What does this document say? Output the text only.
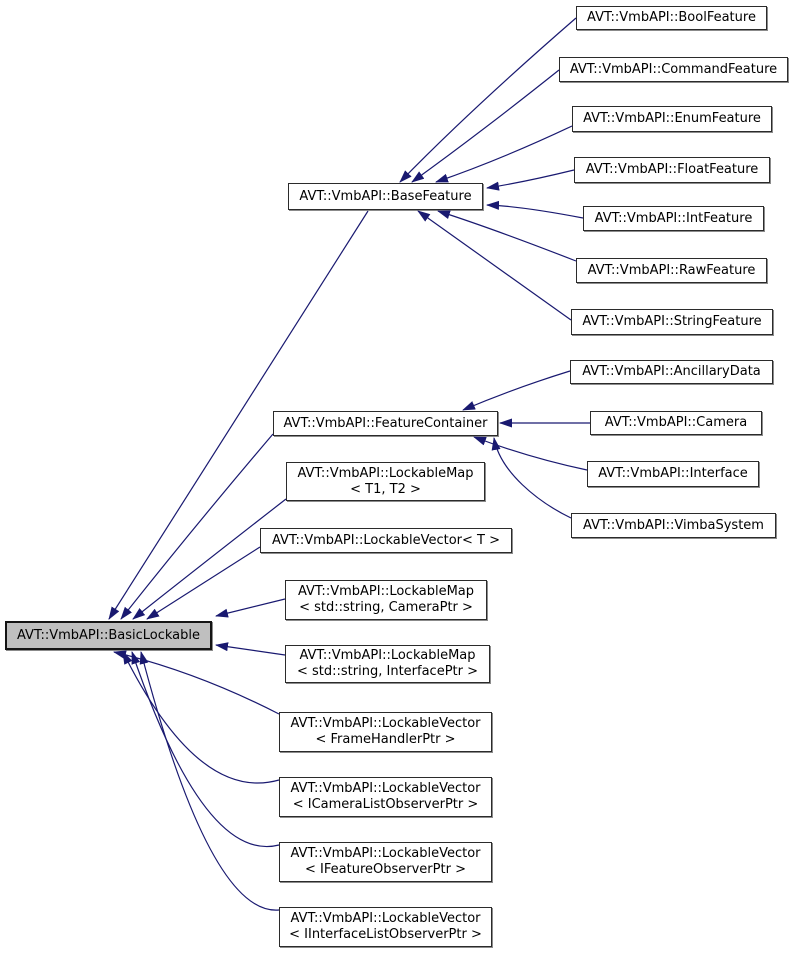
AVT::VmbAPI::BasicLockable
AVT::VmbAPI::BaseFeature
AVT::VmbAPI::FeatureContainer
AVT::VmbAPI::LockableMap
< T1, T2 >
AVT::VmbAPI::LockableVector< T >
AVT::VmbAPI::LockableMap
< std::string, CameraPtr >
AVT::VmbAPI::LockableMap
< std::string, InterfacePtr >
AVT::VmbAPI::LockableVector
< FrameHandlerPtr >
AVT::VmbAPI::LockableVector
< ICameraListObserverPtr >
AVT::VmbAPI::LockableVector
< IFeatureObserverPtr >
AVT::VmbAPI::LockableVector
< IInterfaceListObserverPtr >
AVT::VmbAPI::BoolFeature
AVT::VmbAPI::CommandFeature
AVT::VmbAPI::EnumFeature
AVT::VmbAPI::FloatFeature
AVT::VmbAPI::IntFeature
AVT::VmbAPI::RawFeature
AVT::VmbAPI::StringFeature
AVT::VmbAPI::AncillaryData
AVT::VmbAPI::Camera
AVT::VmbAPI::Interface
AVT::VmbAPI::VimbaSystem
